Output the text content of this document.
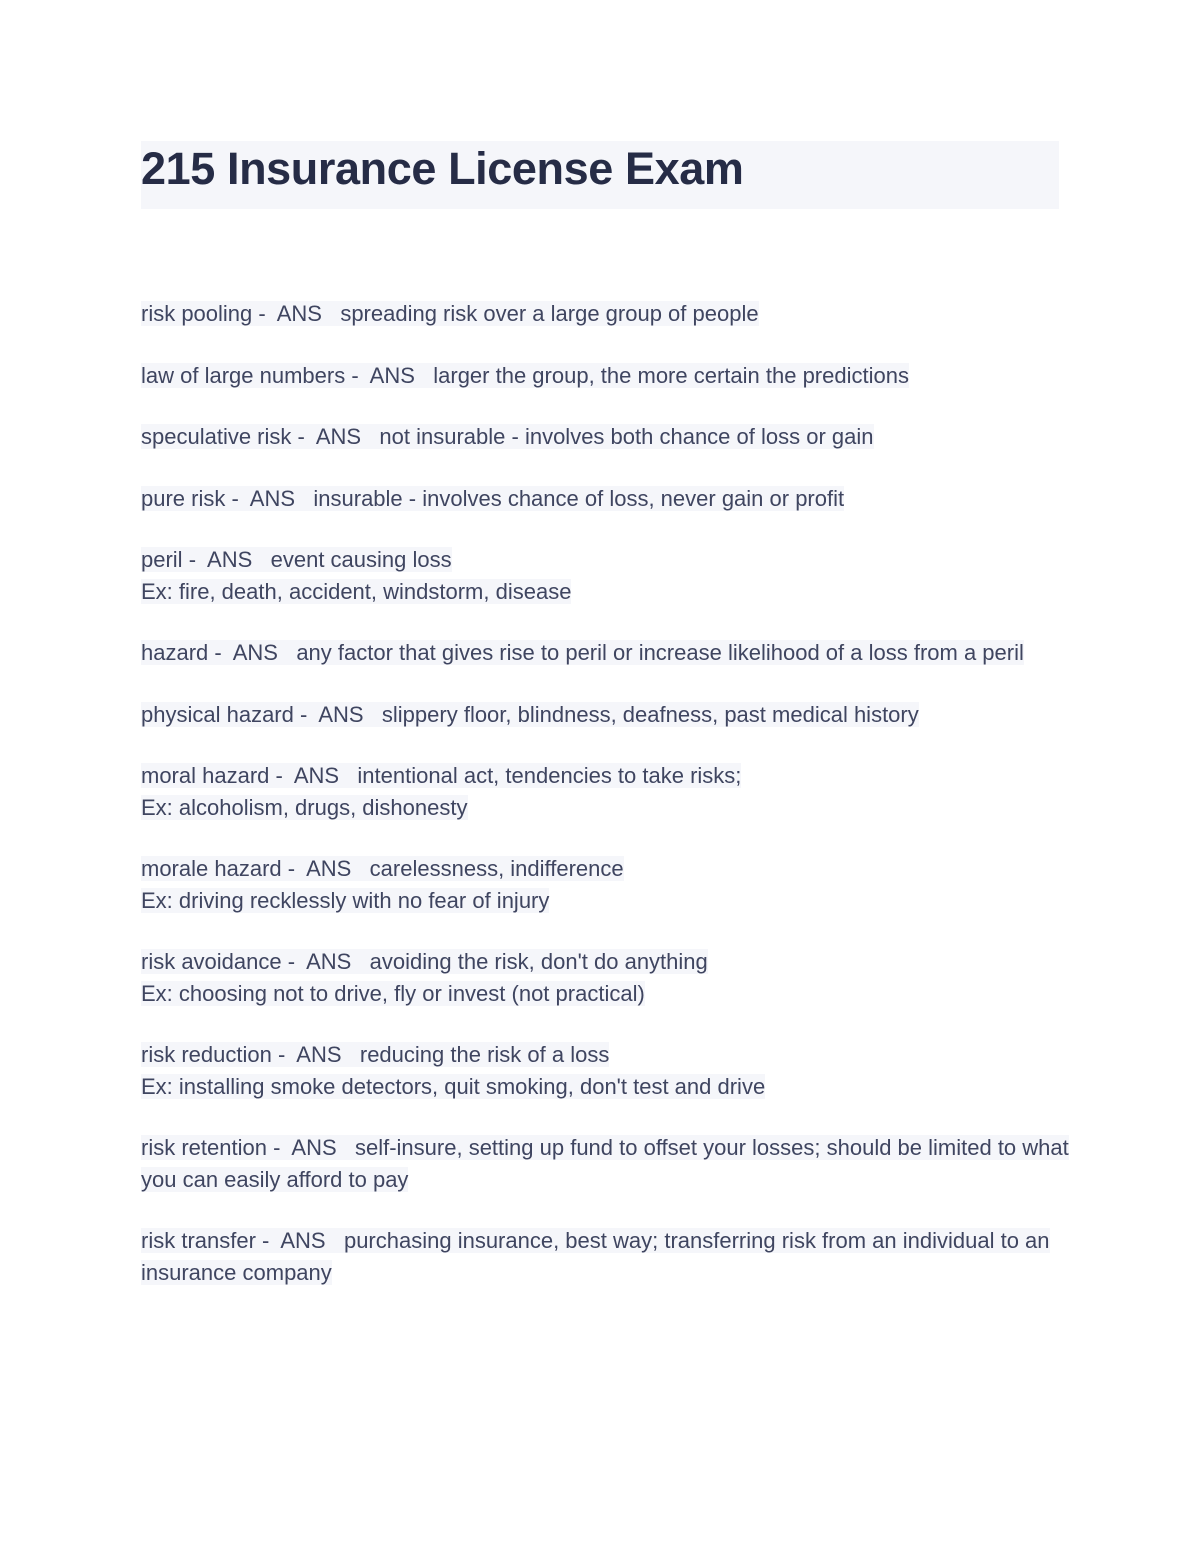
215 Insurance License Exam

risk pooling -  ANS   spreading risk over a large group of people

law of large numbers -  ANS   larger the group, the more certain the predictions

speculative risk -  ANS   not insurable - involves both chance of loss or gain

pure risk -  ANS   insurable - involves chance of loss, never gain or profit

peril -  ANS   event causing loss
Ex: fire, death, accident, windstorm, disease

hazard -  ANS   any factor that gives rise to peril or increase likelihood of a loss from a peril

physical hazard -  ANS   slippery floor, blindness, deafness, past medical history

moral hazard -  ANS   intentional act, tendencies to take risks;
Ex: alcoholism, drugs, dishonesty

morale hazard -  ANS   carelessness, indifference
Ex: driving recklessly with no fear of injury

risk avoidance -  ANS   avoiding the risk, don't do anything
Ex: choosing not to drive, fly or invest (not practical)

risk reduction -  ANS   reducing the risk of a loss
Ex: installing smoke detectors, quit smoking, don't test and drive

risk retention -  ANS   self-insure, setting up fund to offset your losses; should be limited to what you can easily afford to pay

risk transfer -  ANS   purchasing insurance, best way; transferring risk from an individual to an insurance company
